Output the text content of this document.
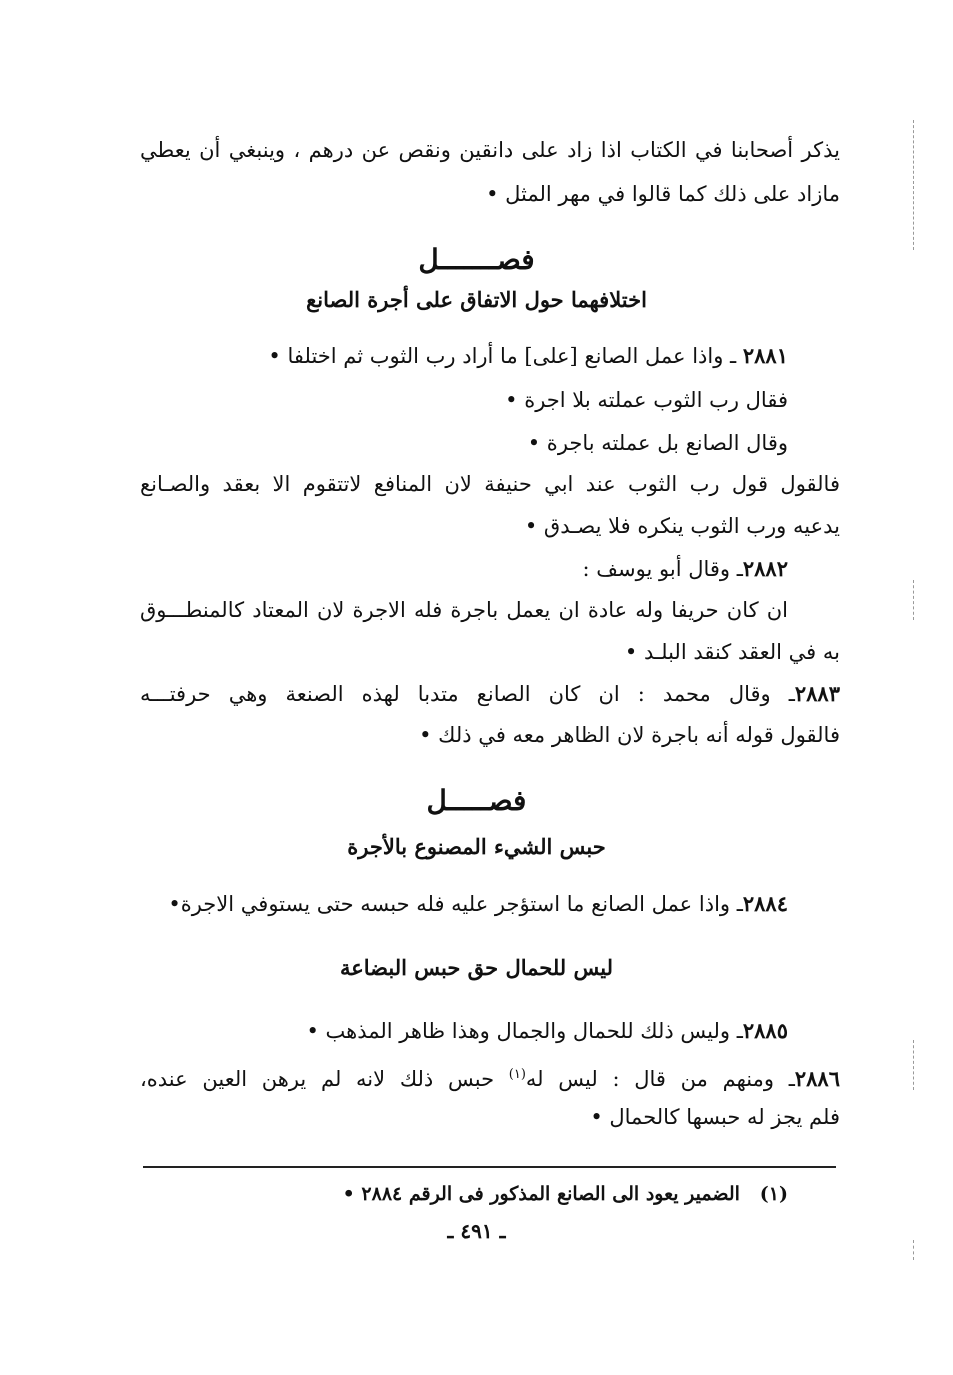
يذكر أصحابنا في الكتاب اذا زاد على دانقين ونقص عن درهم ، وينبغي أن يعطي
مازاد على ذلك كما قالوا في مهر المثل •
فصـــــــل
اختلافهما حول الاتفاق على أجرة الصانع
٢٨٨١ ـ واذا عمل الصانع [على] ما أراد رب الثوب ثم اختلفا •
فقال رب الثوب عملته بلا اجرة •
وقال الصانع بل عملته باجرة •
فالقول قول رب الثوب عند ابي حنيفة لان المنافع لاتتقوم الا بعقد والصـانع
يدعيه ورب الثوب ينكره فلا يصـدق •
٢٨٨٢ـ وقال أبو يوسف :
ان كان حريفا وله عادة ان يعمل باجرة فله الاجرة لان المعتاد كالمنطـــوق
به في العقد كنقد البلـد •
٢٨٨٣ـ وقال محمد : ان كان الصانع متدبا لهذه الصنعة وهي حرفتـــه
فالقول قوله أنه باجرة لان الظاهر معه في ذلك •
فصـــــل
حبس الشيء المصنوع بالأجرة
٢٨٨٤ـ واذا عمل الصانع ما استؤجر عليه فله حبسه حتى يستوفي الاجرة•
ليس للحمال حق حبس البضاعة
٢٨٨٥ـ وليس ذلك للحمال والجمال وهذا ظاهر المذهب •
٢٨٨٦ـ ومنهم من قال : ليس له$^{(١)}$ حبس ذلك لانه لم يرهن العين عنده،
فلم يجز له حبسها كالحمال •
(١)   الضمير يعود الى الصانع المذكور فى الرقم ٢٨٨٤ •
ـ ٤٩١ ـ
